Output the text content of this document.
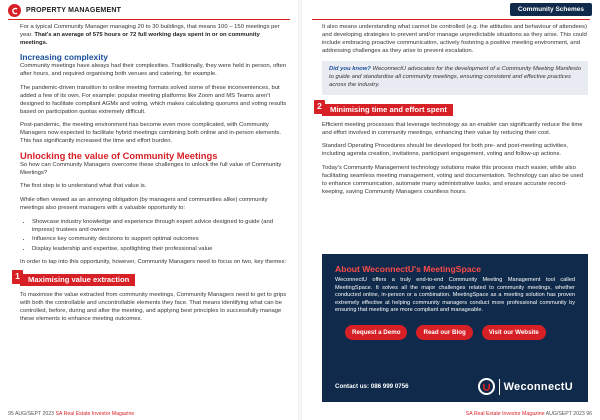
PROPERTY MANAGEMENT

For a typical Community Manager managing 20 to 30 buildings, that means 100 – 150 meetings per year. That's an average of 575 hours or 72 full working days spent in or on community meetings.

Increasing complexity

Community meetings have always had their complexities. Traditionally, they were held in person, often after hours, and required organising both venues and catering, for example.

The pandemic-driven transition to online meeting formats solved some of these inconveniences, but added a few of its own. For example: popular meeting platforms like Zoom and MS Teams aren't designed to facilitate compliant AGMs and voting, which makes calculating quorums and voting results based on participation quotas extremely difficult.

Post-pandemic, the meeting environment has become even more complicated, with Community Managers now expected to facilitate hybrid meetings combining both online and in-person elements. This has significantly increased the time and effort burden.

Unlocking the value of Community Meetings

So how can Community Managers overcome these challenges to unlock the full value of Community Meetings?

The first step is to understand what that value is.

While often viewed as an annoying obligation (by managers and communities alike) community meetings also present managers with a valuable opportunity to:

• Showcase industry knowledge and experience through expert advice designed to guide (and impress) trustees and owners
• Influence key community decisions to support optimal outcomes
• Display leadership and expertise, spotlighting their professional value

In order to tap into this opportunity, however, Community Managers need to focus on two, key themes:

1	Maximising value extraction

To maximise the value extracted from community meetings, Community Managers need to get to grips with both the controllable and uncontrollable elements they face. That means identifying what can be controlled, before, during and after the meeting, and applying best principles to successfully manage these elements to enhance meeting outcomes.

95 AUG/SEPT 2023 SA Real Estate Investor Magazine
Community Schemes
SA Real Estate Investor Magazine AUG/SEPT 2023 96

It also means understanding what cannot be controlled (e.g. the attitudes and behaviour of attendees) and developing strategies to prevent and/or manage unpredictable situations as they arise. This could include embracing proactive communication, actively fostering a positive meeting environment, and addressing challenges as they arise to prevent escalation.

Did you know? WeconnectU advocates for the development of a Community Meeting Manifesto to guide and standardise all community meetings, ensuring consistent and effective practices across the industry.
2	Minimising time and effort spent

Efficient meeting processes that leverage technology as an enabler can significantly reduce the time and effort involved in community meetings, enhancing their value by reducing their cost.

Standard Operating Procedures should be developed for both pre- and post-meeting activities, including agenda creation, invitations, participant engagement, voting and follow-up actions.

Today's Community Management technology solutions make this process much easier, while also facilitating seamless meeting management, voting and documentation. Technology can also be used to enhance communication, automate many administrative tasks, and ensure accurate record-keeping, saving Community Managers countless hours.

About WeconnectU's MeetingSpace

WeconnectU offers a truly end-to-end Community Meeting Management tool called MeetingSpace. It solves all the major challenges related to community meetings, whether conducted online, in-person or a combination. MeetingSpace as a meeting solution has proven extremely effective at helping community managers conduct more professional community by ensuring that meeting are more compliant and manageable.

Request a Demo	Read our Blog	Visit our Website
Contact us: 086 999 0756	WeconnectU
